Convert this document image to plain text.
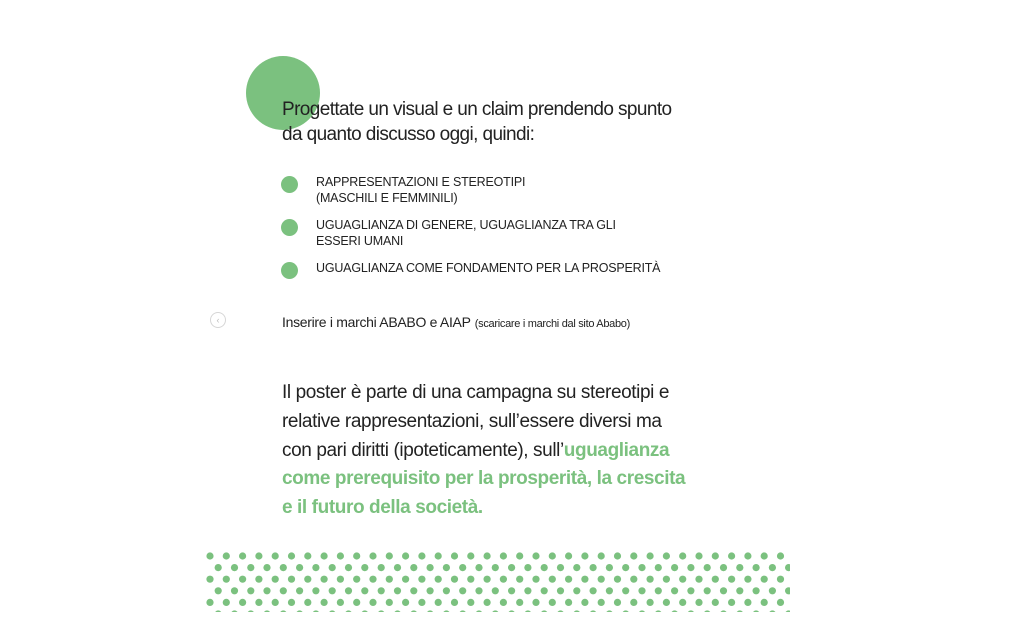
Progettate un visual e un claim prendendo spunto
da quanto discusso oggi, quindi:

RAPPRESENTAZIONI E STEREOTIPI
(MASCHILI E FEMMINILI)
UGUAGLIANZA DI GENERE, UGUAGLIANZA TRA GLI
ESSERI UMANI
UGUAGLIANZA COME FONDAMENTO PER LA PROSPERITÀ
‹	Inserire i marchi ABABO e AIAP (scaricare i marchi dal sito Ababo)
Il poster è parte di una campagna su stereotipi e
relative rappresentazioni, sull’essere diversi ma
con pari diritti (ipoteticamente), sull’uguaglianza
come prerequisito per la prosperità, la crescita
e il futuro della società.
